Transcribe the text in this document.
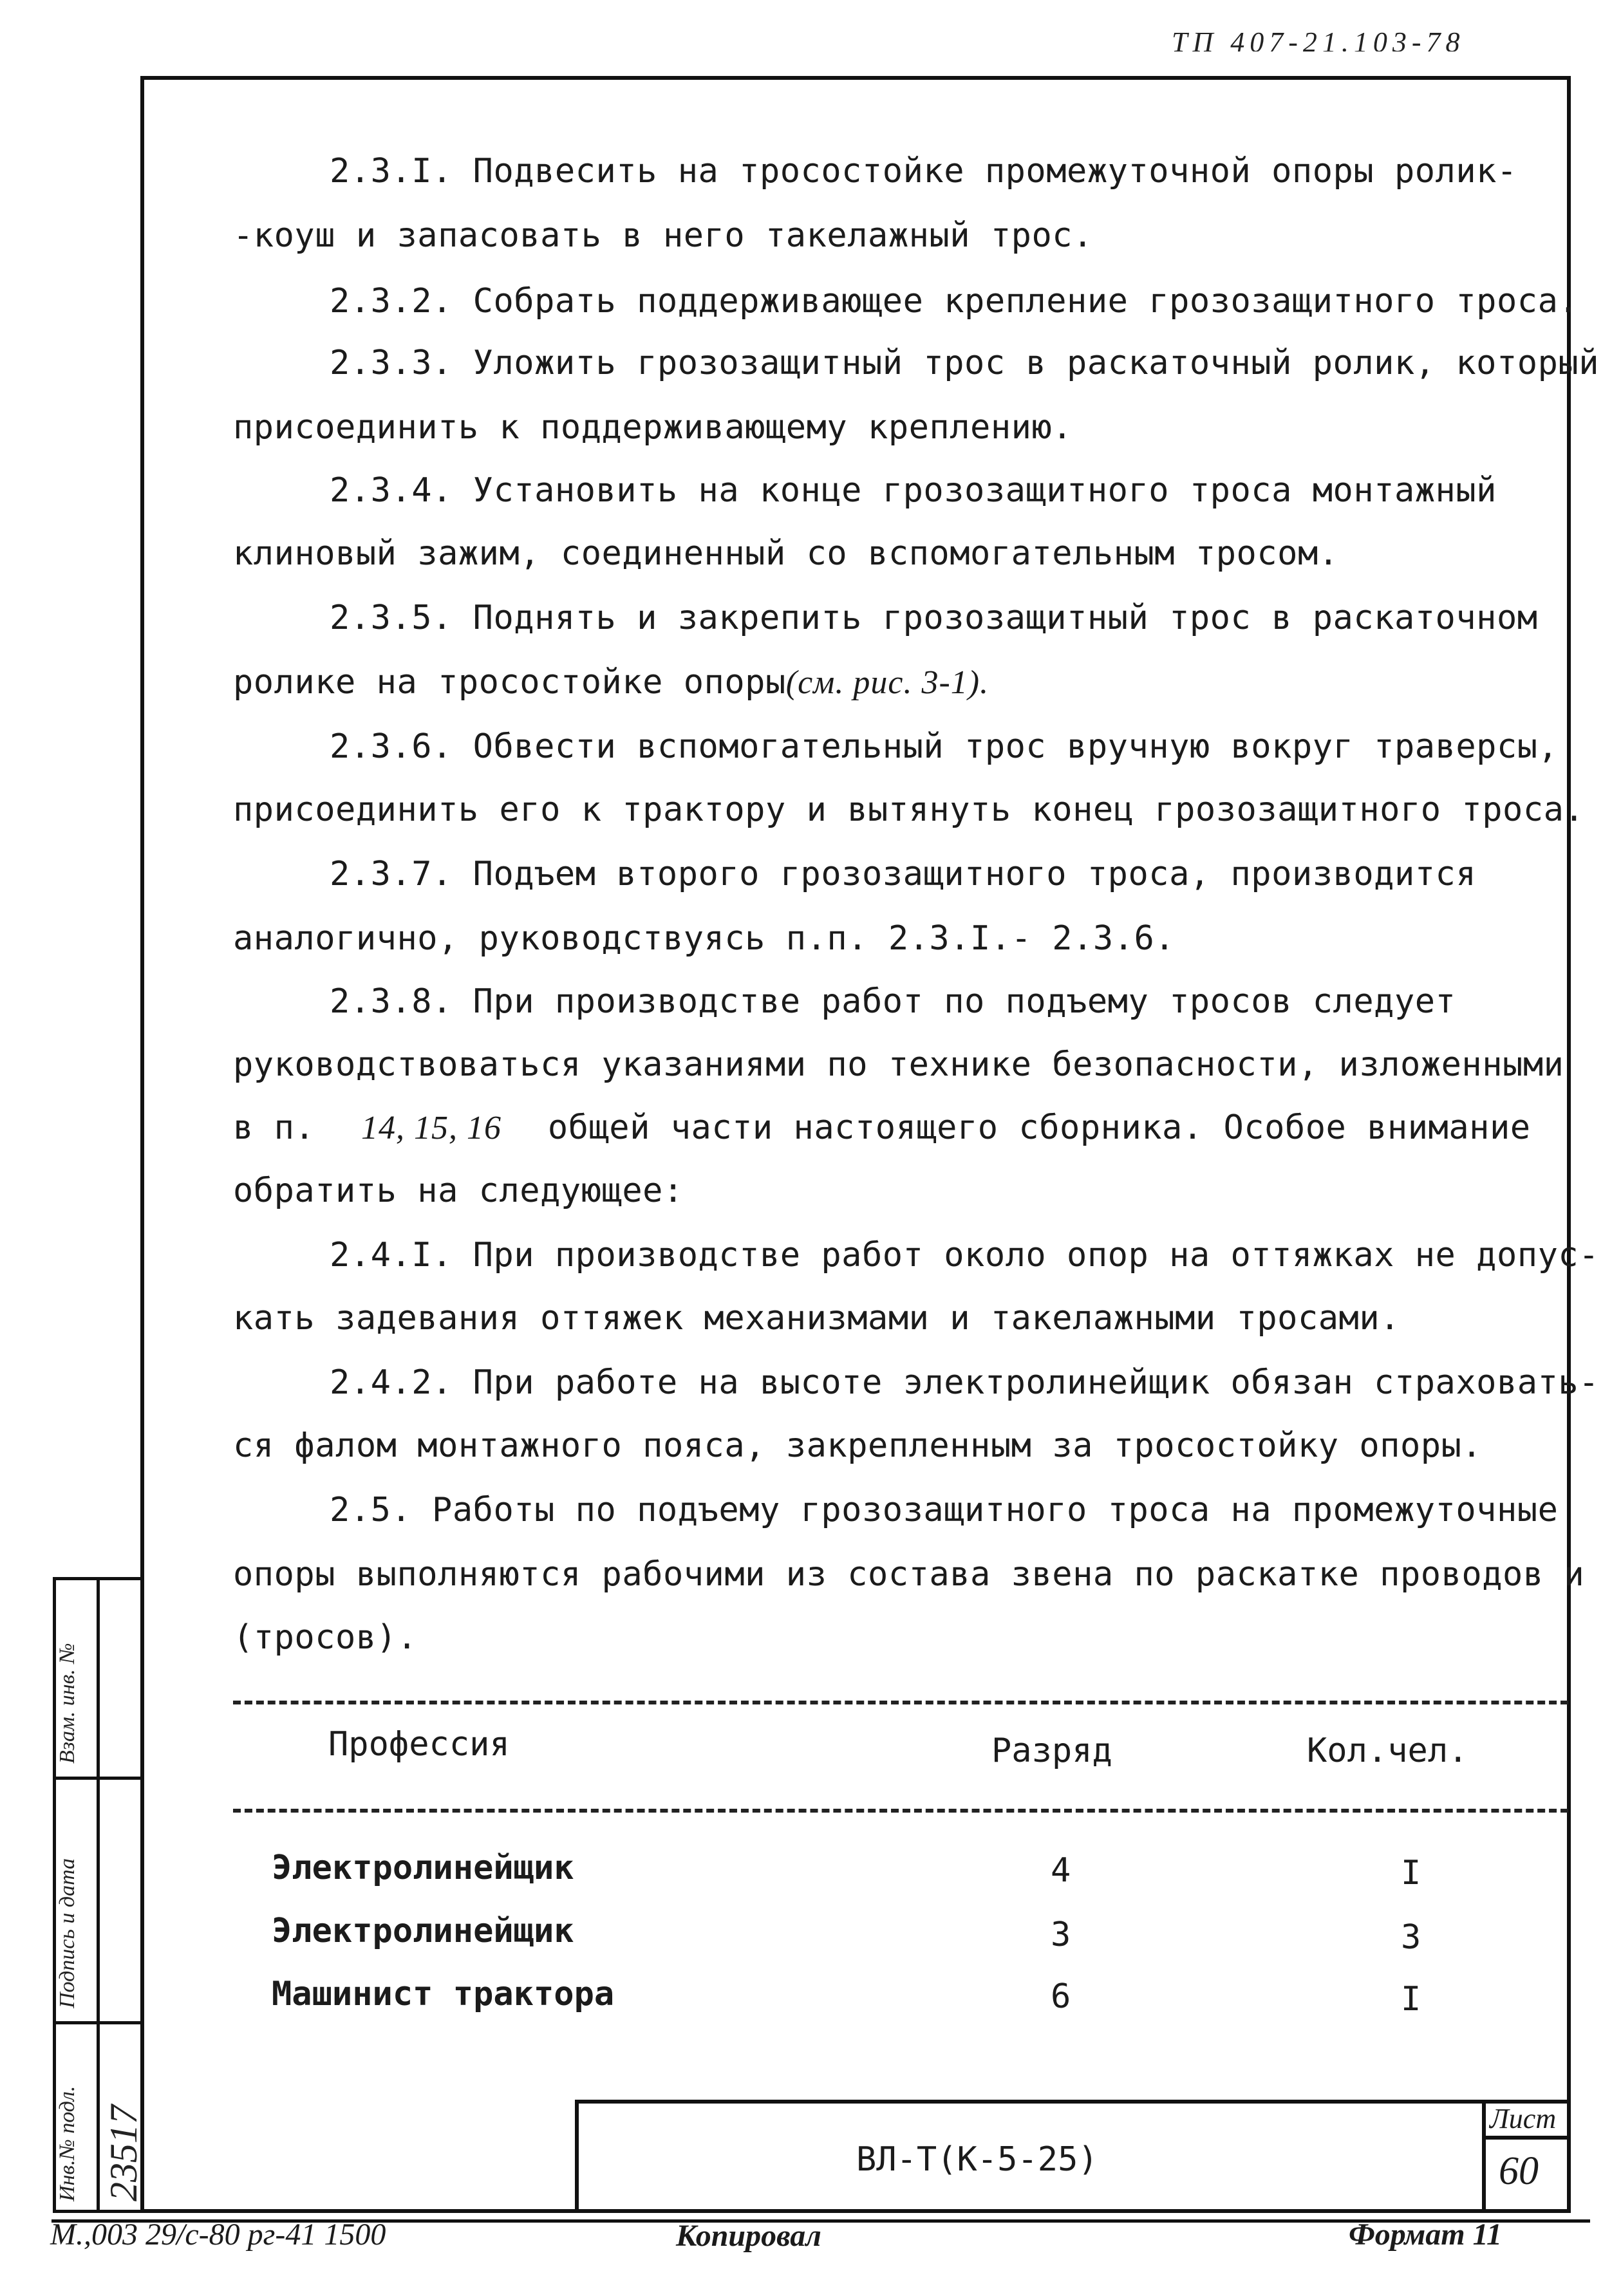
ТП 407-21.103-78

2.3.I. Подвесить на тросостойке промежуточной опоры ролик-

-коуш и запасовать в него такелажный трос.

2.3.2. Собрать поддерживающее крепление грозозащитного троса.

2.3.3. Уложить грозозащитный трос в раскаточный ролик, который

присоединить к поддерживающему креплению.

2.3.4. Установить на конце грозозащитного троса монтажный

клиновый зажим, соединенный со вспомогательным тросом.

2.3.5. Поднять и закрепить грозозащитный трос в раскаточном

ролике на тросостойке опоры(см. рис. 3-1).

2.3.6. Обвести вспомогательный трос вручную вокруг траверсы,

присоединить его к трактору и вытянуть конец грозозащитного троса.

2.3.7. Подъем второго грозозащитного троса, производится

аналогично, руководствуясь п.п. 2.3.I.- 2.3.6.

2.3.8. При производстве работ по подъему тросов следует

руководствоваться указаниями по технике безопасности, изложенными

в п. 14, 15, 16 общей части настоящего сборника. Особое внимание

обратить на следующее:

2.4.I. При производстве работ около опор на оттяжках не допус-

кать задевания оттяжек механизмами и такелажными тросами.

2.4.2. При работе на высоте электролинейщик обязан страховать-

ся фалом монтажного пояса, закрепленным за тросостойку опоры.

2.5. Работы по подъему грозозащитного троса на промежуточные

опоры выполняются рабочими из состава звена по раскатке проводов и

(тросов).

Профессия	Разряд	Кол.чел.
Электролинейщик	4	I
Электролинейщик	3	3
Машинист трактора	6	I
ВЛ-Т(К-5-25)
Лист
60
М.,003 29/с-80 рг-41 1500	Копировал	Формат 11
Взам. инв. №
Подпись и дата
Инв.№ подл. 23517
